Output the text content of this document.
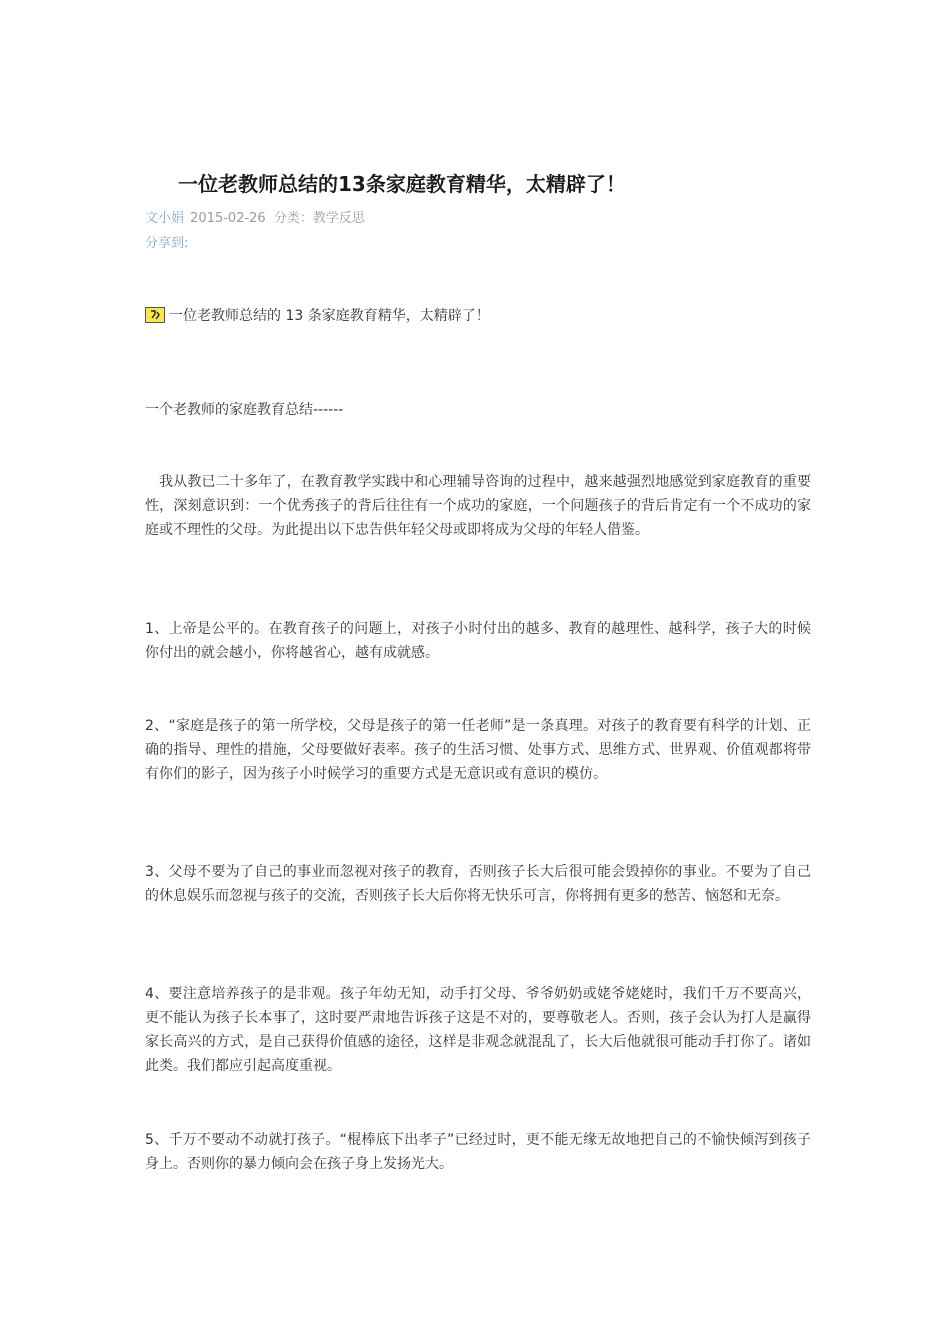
一位老教师总结的13条家庭教育精华，太精辟了！
文小娟 2015-02-26 分类：教学反思
分享到:
一位老教师总结的 13 条家庭教育精华，太精辟了！
一个老教师的家庭教育总结------

我从教已二十多年了，在教育教学实践中和心理辅导咨询的过程中，越来越强烈地感觉到家庭教育的重要性，深刻意识到：一个优秀孩子的背后往往有一个成功的家庭，一个问题孩子的背后肯定有一个不成功的家庭或不理性的父母。为此提出以下忠告供年轻父母或即将成为父母的年轻人借鉴。

1、上帝是公平的。在教育孩子的问题上，对孩子小时付出的越多、教育的越理性、越科学，孩子大的时候你付出的就会越小，你将越省心，越有成就感。

2、“家庭是孩子的第一所学校，父母是孩子的第一任老师”是一条真理。对孩子的教育要有科学的计划、正确的指导、理性的措施，父母要做好表率。孩子的生活习惯、处事方式、思维方式、世界观、价值观都将带有你们的影子，因为孩子小时候学习的重要方式是无意识或有意识的模仿。

3、父母不要为了自己的事业而忽视对孩子的教育，否则孩子长大后很可能会毁掉你的事业。不要为了自己的休息娱乐而忽视与孩子的交流，否则孩子长大后你将无快乐可言，你将拥有更多的愁苦、恼怒和无奈。

4、要注意培养孩子的是非观。孩子年幼无知，动手打父母、爷爷奶奶或姥爷姥姥时，我们千万不要高兴，更不能认为孩子长本事了，这时要严肃地告诉孩子这是不对的，要尊敬老人。否则，孩子会认为打人是赢得家长高兴的方式，是自己获得价值感的途径，这样是非观念就混乱了，长大后他就很可能动手打你了。诸如此类。我们都应引起高度重视。

5、千万不要动不动就打孩子。“棍棒底下出孝子”已经过时，更不能无缘无故地把自己的不愉快倾泻到孩子身上。否则你的暴力倾向会在孩子身上发扬光大。
